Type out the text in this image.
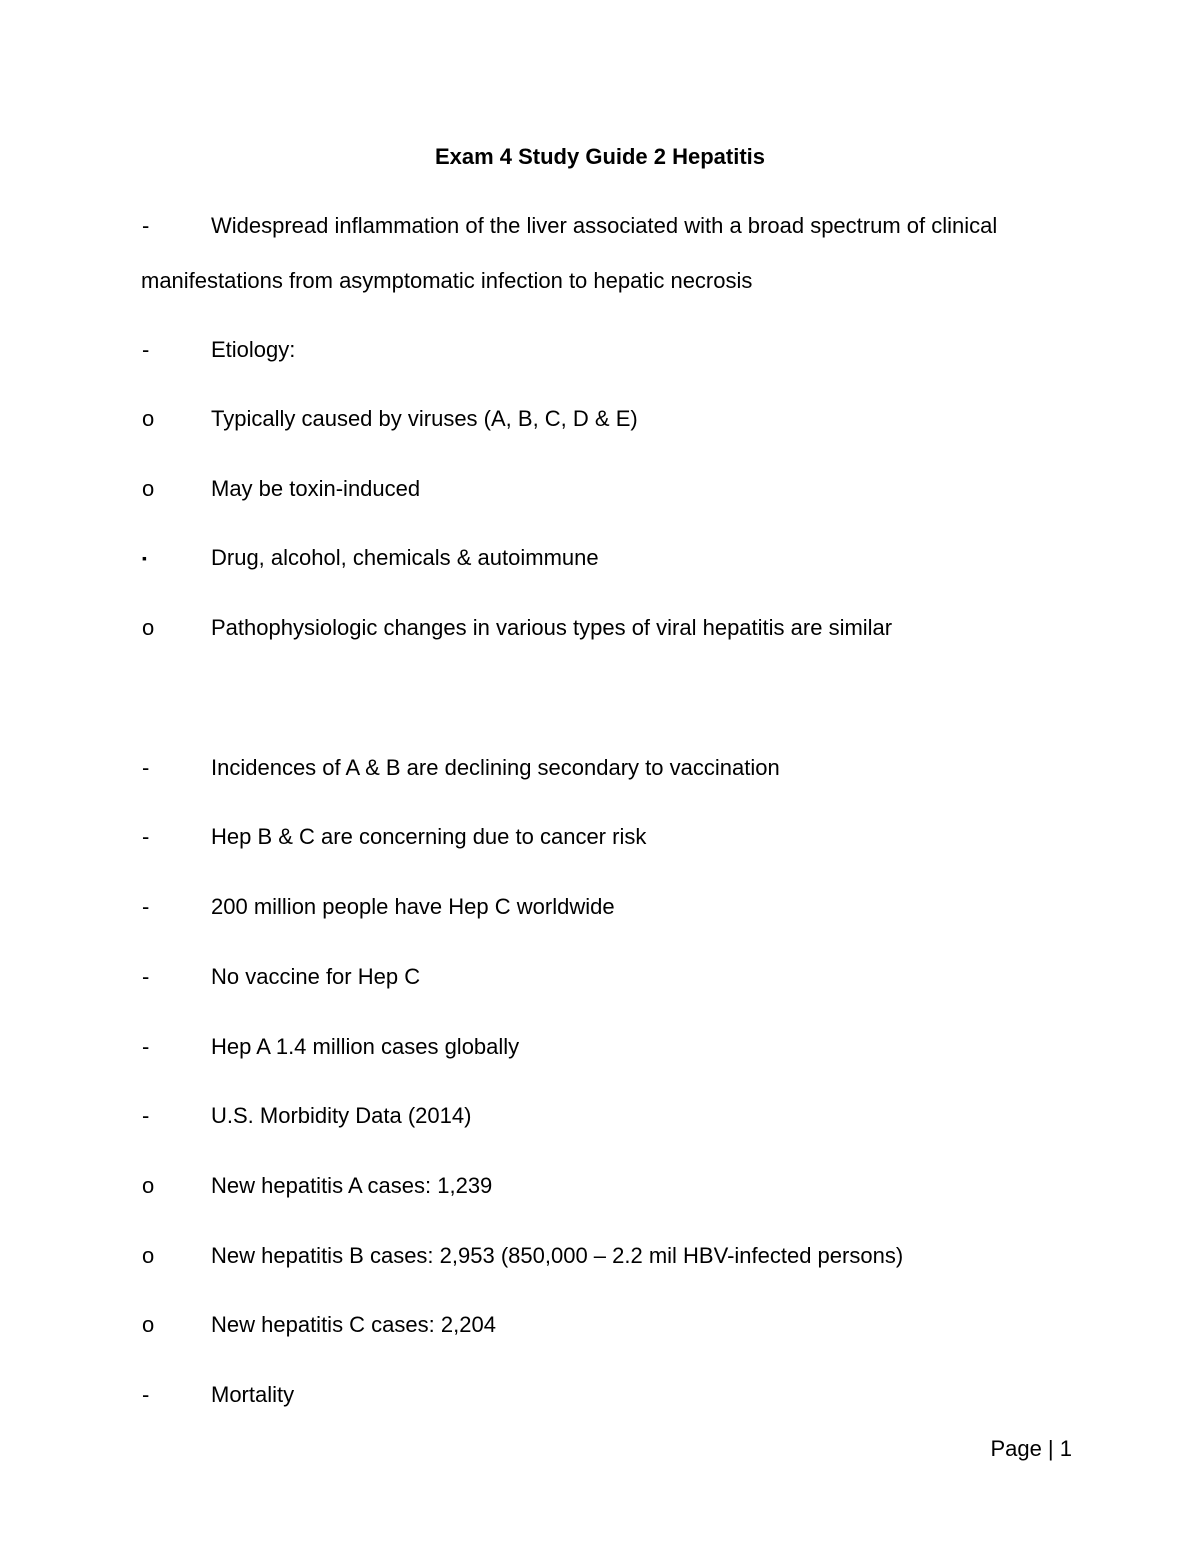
Exam 4 Study Guide 2 Hepatitis
-	Widespread inflammation of the liver associated with a broad spectrum of clinical
manifestations from asymptomatic infection to hepatic necrosis
-	Etiology:
o	Typically caused by viruses (A, B, C, D & E)
o	May be toxin-induced
▪	Drug, alcohol, chemicals & autoimmune
o	Pathophysiologic changes in various types of viral hepatitis are similar
-	Incidences of A & B are declining secondary to vaccination
-	Hep B & C are concerning due to cancer risk
-	200 million people have Hep C worldwide
-	No vaccine for Hep C
-	Hep A 1.4 million cases globally
-	U.S. Morbidity Data (2014)
o	New hepatitis A cases: 1,239
o	New hepatitis B cases: 2,953 (850,000 – 2.2 mil HBV-infected persons)
o	New hepatitis C cases: 2,204
-	Mortality
Page | 1
